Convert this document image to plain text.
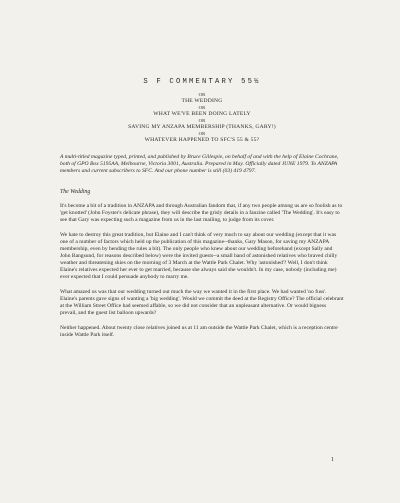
S F COMMENTARY 55½
OR
THE WEDDING
OR
WHAT WE'VE BEEN DOING LATELY
OR
SAVING MY ANZAPA MEMBERSHIP (THANKS, GARY!)
OR
WHATEVER HAPPENED TO SFC'S 55 & 55?

A multi-titled magazine typed, printed, and published by Bruce Gillespie, on behalf of and with the help of Elaine Cochrane, both of GPO Box 5195AA, Melbourne, Victoria 3001, Australia. Prepared in May. Officially dated JUNE 1979. To ANZAPA members and current subscribers to SFC. And our phone number is still (03) 419 4797.

The Wedding

It's become a bit of a tradition in ANZAPA and through Australian fandom that, if any two people among us are so foolish as to 'get knotted' (John Foyster's delicate phrase), they will describe the grisly details in a fanzine called 'The Wedding'. It's easy to see that Gary was expecting such a magazine from us in the last mailing, to judge from its cover.

We hate to destroy this great tradition, but Elaine and I can't think of very much to say about our wedding (except that it was one of a number of factors which held up the publication of this magazine--thanks, Gary Mason, for saving my ANZAPA membership, even by bending the rules a bit). The only people who knew about our wedding beforehand (except Sally and John Bangsund, for reasons described below) were the invited guests--a small band of astonished relatives who braved chilly weather and threatening skies on the morning of 3 March at the Wattle Park Chalet. Why 'astonished'? Well, I don't think Elaine's relatives expected her ever to get married, because she always said she wouldn't. In my case, nobody (including me) ever expected that I could persuade anybody to marry me.

What amazed us was that our wedding turned out much the way we wanted it in the first place. We had wanted 'no fuss'. Elaine's parents gave signs of wanting a 'big wedding'. Would we commit the deed at the Registry Office? The official celebrant at the William Street Office had seemed affable, so we did not consider that an unpleasant alternative. Or would bigness prevail, and the guest list balloon upwards?

Neither happened. About twenty close relatives joined us at 11 am outside the Wattle Park Chalet, which is a reception centre inside Wattle Park itself.

1
